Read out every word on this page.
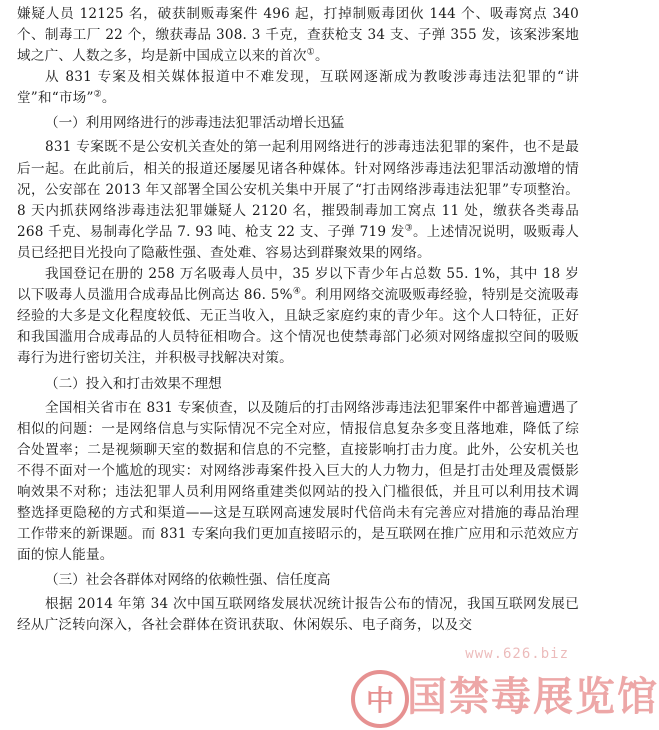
嫌疑人员 12125 名，破获制贩毒案件 496 起，打掉制贩毒团伙 144 个、吸毒窝点 340 个、制毒工厂 22 个，缴获毒品 308. 3 千克，查获枪支 34 支、子弹 355 发，该案涉案地域之广、人数之多，均是新中国成立以来的首次①。

从 831 专案及相关媒体报道中不难发现，互联网逐渐成为教唆涉毒违法犯罪的“讲堂”和“市场”②。

（一）利用网络进行的涉毒违法犯罪活动增长迅猛

831 专案既不是公安机关查处的第一起利用网络进行的涉毒违法犯罪的案件，也不是最后一起。在此前后，相关的报道还屡屡见诸各种媒体。针对网络涉毒违法犯罪活动激增的情况，公安部在 2013 年又部署全国公安机关集中开展了“打击网络涉毒违法犯罪”专项整治。8 天内抓获网络涉毒违法犯罪嫌疑人 2120 名，摧毁制毒加工窝点 11 处，缴获各类毒品 268 千克、易制毒化学品 7. 93 吨、枪支 22 支、子弹 719 发③。上述情况说明，吸贩毒人员已经把目光投向了隐蔽性强、查处难、容易达到群聚效果的网络。

我国登记在册的 258 万名吸毒人员中，35 岁以下青少年占总数 55. 1%，其中 18 岁以下吸毒人员滥用合成毒品比例高达 86. 5%④。利用网络交流吸贩毒经验，特别是交流吸毒经验的大多是文化程度较低、无正当收入，且缺乏家庭约束的青少年。这个人口特征，正好和我国滥用合成毒品的人员特征相吻合。这个情况也使禁毒部门必须对网络虚拟空间的吸贩毒行为进行密切关注，并积极寻找解决对策。

（二）投入和打击效果不理想

全国相关省市在 831 专案侦查，以及随后的打击网络涉毒违法犯罪案件中都普遍遭遇了相似的问题：一是网络信息与实际情况不完全对应，情报信息复杂多变且落地难，降低了综合处置率；二是视频聊天室的数据和信息的不完整，直接影响打击力度。此外，公安机关也不得不面对一个尴尬的现实：对网络涉毒案件投入巨大的人力物力，但是打击处理及震慑影响效果不对称；违法犯罪人员利用网络重建类似网站的投入门槛很低，并且可以利用技术调整选择更隐秘的方式和渠道——这是互联网高速发展时代倍尚未有完善应对措施的毒品治理工作带来的新课题。而 831 专案向我们更加直接昭示的，是互联网在推广应用和示范效应方面的惊人能量。

（三）社会各群体对网络的依赖性强、信任度高

根据 2014 年第 34 次中国互联网络发展状况统计报告公布的情况，我国互联网发展已经从广泛转向深入，各社会群体在资讯获取、休闲娱乐、电子商务，以及交

www.626.biz
中 国禁毒展览馆
